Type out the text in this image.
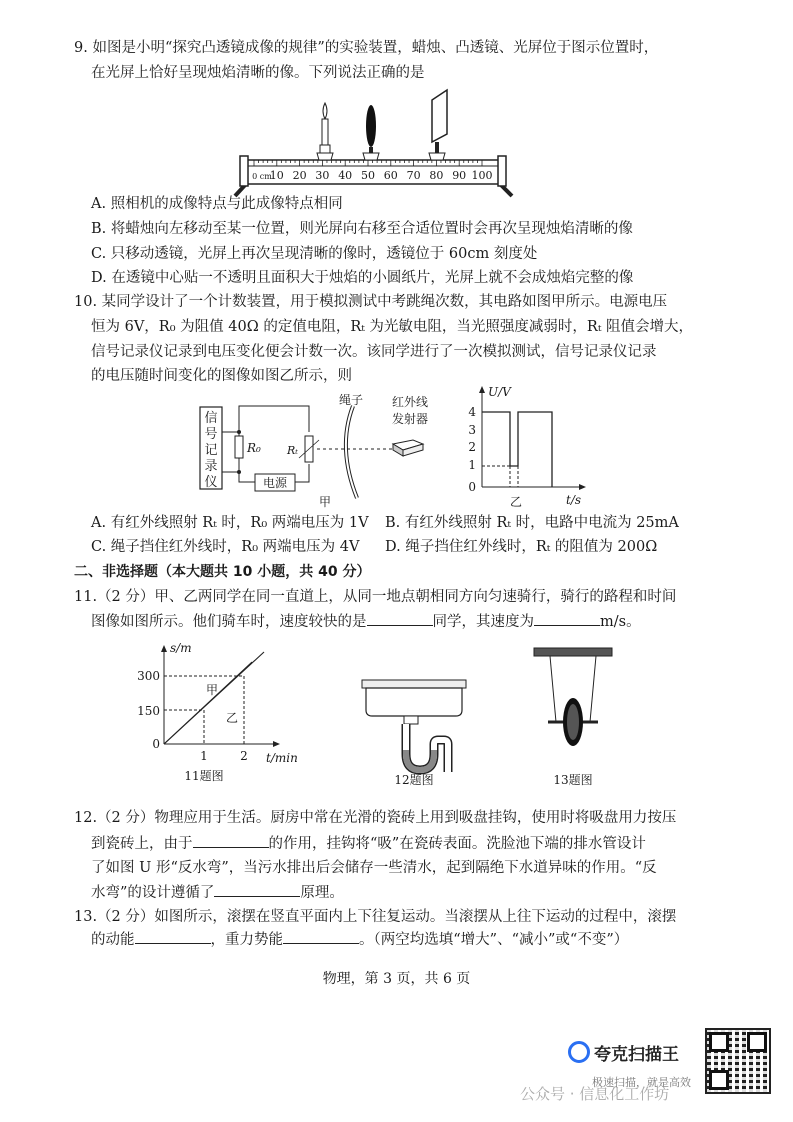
9. 如图是小明“探究凸透镜成像的规律”的实验装置，蜡烛、凸透镜、光屏位于图示位置时，
在光屏上恰好呈现烛焰清晰的像。下列说法正确的是
0 cm
10 20 30 40 50 60 70 80 90 100
A. 照相机的成像特点与此成像特点相同
B. 将蜡烛向左移动至某一位置，则光屏向右移至合适位置时会再次呈现烛焰清晰的像
C. 只移动透镜，光屏上再次呈现清晰的像时，透镜位于 60cm 刻度处
D. 在透镜中心贴一不透明且面积大于烛焰的小圆纸片，光屏上就不会成烛焰完整的像
10. 某同学设计了一个计数装置，用于模拟测试中考跳绳次数，其电路如图甲所示。电源电压
恒为 6V，R₀ 为阻值 40Ω 的定值电阻，Rₜ 为光敏电阻，当光照强度减弱时，Rₜ 阻值会增大，
信号记录仪记录到电压变化便会计数一次。该同学进行了一次模拟测试，信号记录仪记录
的电压随时间变化的图像如图乙所示，则
信
号
记
录
仪
R₀ Rₜ
电源
绳子 红外线
发射器
甲
U/V
t/s
4
3
2
1
0
乙
A. 有红外线照射 Rₜ 时，R₀ 两端电压为 1V B. 有红外线照射 Rₜ 时，电路中电流为 25mA
C. 绳子挡住红外线时，R₀ 两端电压为 4V D. 绳子挡住红外线时，Rₜ 的阻值为 200Ω
二、非选择题（本大题共 10 小题，共 40 分）
11.（2 分）甲、乙两同学在同一直道上，从同一地点朝相同方向匀速骑行，骑行的路程和时间
图像如图所示。他们骑车时，速度较快的是	同学，其速度为	m/s。
s/m
t/min
300
150
0
1	2
甲
乙
11题图	12题图	13题图
12.（2 分）物理应用于生活。厨房中常在光滑的瓷砖上用到吸盘挂钩，使用时将吸盘用力按压
到瓷砖上，由于	的作用，挂钩将“吸”在瓷砖表面。洗脸池下端的排水管设计
了如图 U 形“反水弯”，当污水排出后会储存一些清水，起到隔绝下水道异味的作用。“反
水弯”的设计遵循了	原理。
13.（2 分）如图所示，滚摆在竖直平面内上下往复运动。当滚摆从上往下运动的过程中，滚摆
的动能	，重力势能	。（两空均选填“增大”、“减小”或“不变”）
物理，第 3 页，共 6 页
夸克扫描王
极速扫描，就是高效
公众号 · 信息化工作坊
